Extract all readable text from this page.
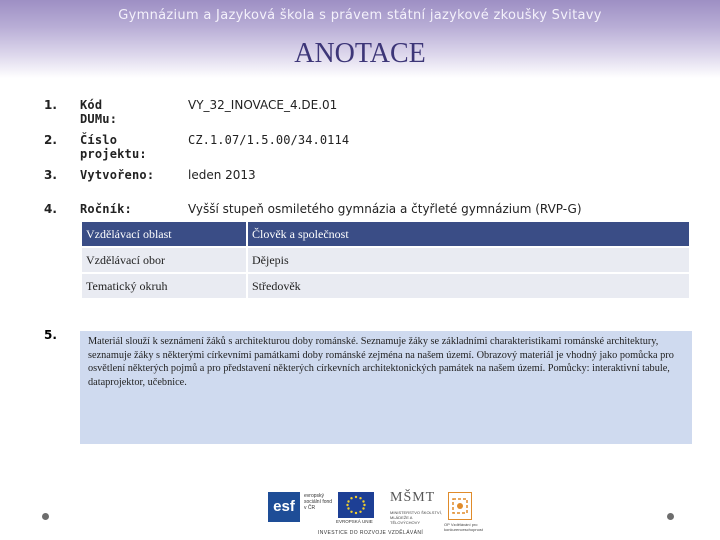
Gymnázium a Jazyková škola s právem státní jazykové zkoušky Svitavy
ANOTACE
1. Kód DUMu:
VY_32_INOVACE_4.DE.01
2. Číslo projektu:
CZ.1.07/1.5.00/34.0114
3. Vytvořeno:	leden 2013
4. Ročník:	Vyšší stupeň osmiletého gymnázia a čtyřleté gymnázium (RVP-G)
Vzdělávací oblast	Člověk a společnost
Vzdělávací obor	Dějepis
Tematický okruh	Středověk
5.	Materiál slouží k seznámení žáků s architekturou doby románské. Seznamuje žáky se základními charakteristikami románské architektury, seznamuje žáky s některými církevními památkami doby románské zejména na našem území. Obrazový materiál je vhodný jako pomůcka pro osvětlení některých pojmů a pro představení některých církevních architektonických památek na našem území. Pomůcky: interaktivní tabule, dataprojektor, učebnice.
esf
evropský sociální fond v ČR
EVROPSKÁ UNIE
MŠMT
MINISTERSTVO ŠKOLSTVÍ, MLÁDEŽE A TĚLOVÝCHOVY	OP Vzdělávání pro konkurenceschopnost
INVESTICE DO ROZVOJE VZDĚLÁVÁNÍ
